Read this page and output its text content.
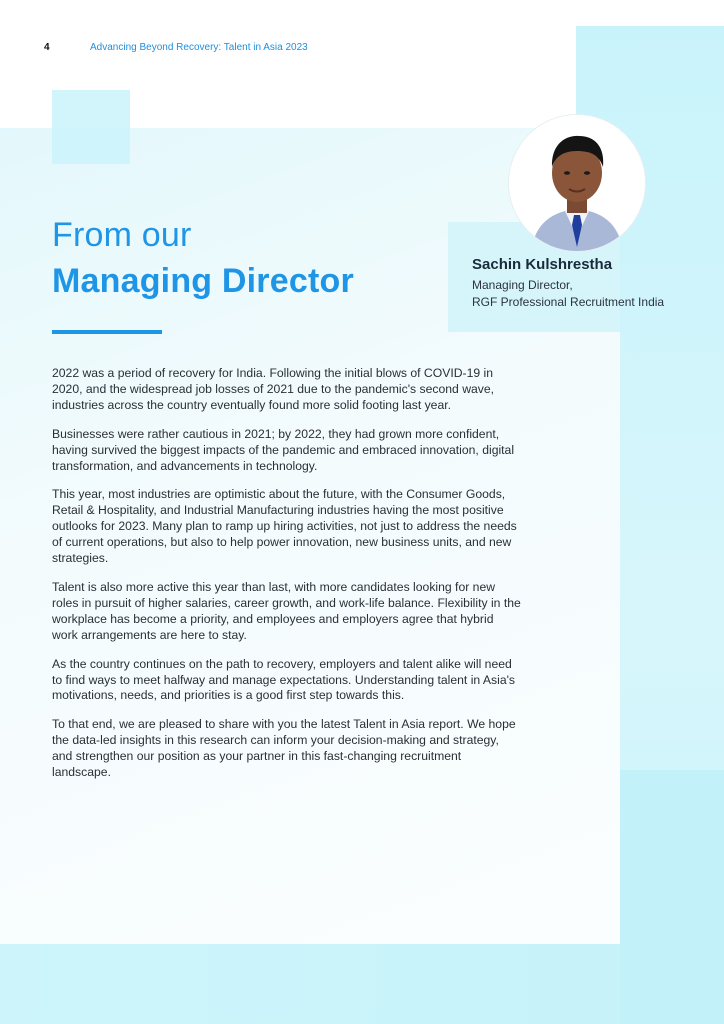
4	Advancing Beyond Recovery: Talent in Asia 2023
From our
Managing Director	Sachin Kulshrestha
Managing Director,
RGF Professional Recruitment India

2022 was a period of recovery for India. Following the initial blows of COVID-19 in 2020, and the widespread job losses of 2021 due to the pandemic's second wave, industries across the country eventually found more solid footing last year.

Businesses were rather cautious in 2021; by 2022, they had grown more confident, having survived the biggest impacts of the pandemic and embraced innovation, digital transformation, and advancements in technology.

This year, most industries are optimistic about the future, with the Consumer Goods, Retail & Hospitality, and Industrial Manufacturing industries having the most positive outlooks for 2023. Many plan to ramp up hiring activities, not just to address the needs of current operations, but also to help power innovation, new business units, and new strategies.

Talent is also more active this year than last, with more candidates looking for new roles in pursuit of higher salaries, career growth, and work-life balance. Flexibility in the workplace has become a priority, and employees and employers agree that hybrid work arrangements are here to stay.

As the country continues on the path to recovery, employers and talent alike will need to find ways to meet halfway and manage expectations. Understanding talent in Asia's motivations, needs, and priorities is a good first step towards this.

To that end, we are pleased to share with you the latest Talent in Asia report. We hope the data-led insights in this research can inform your decision-making and strategy, and strengthen our position as your partner in this fast-changing recruitment landscape.
